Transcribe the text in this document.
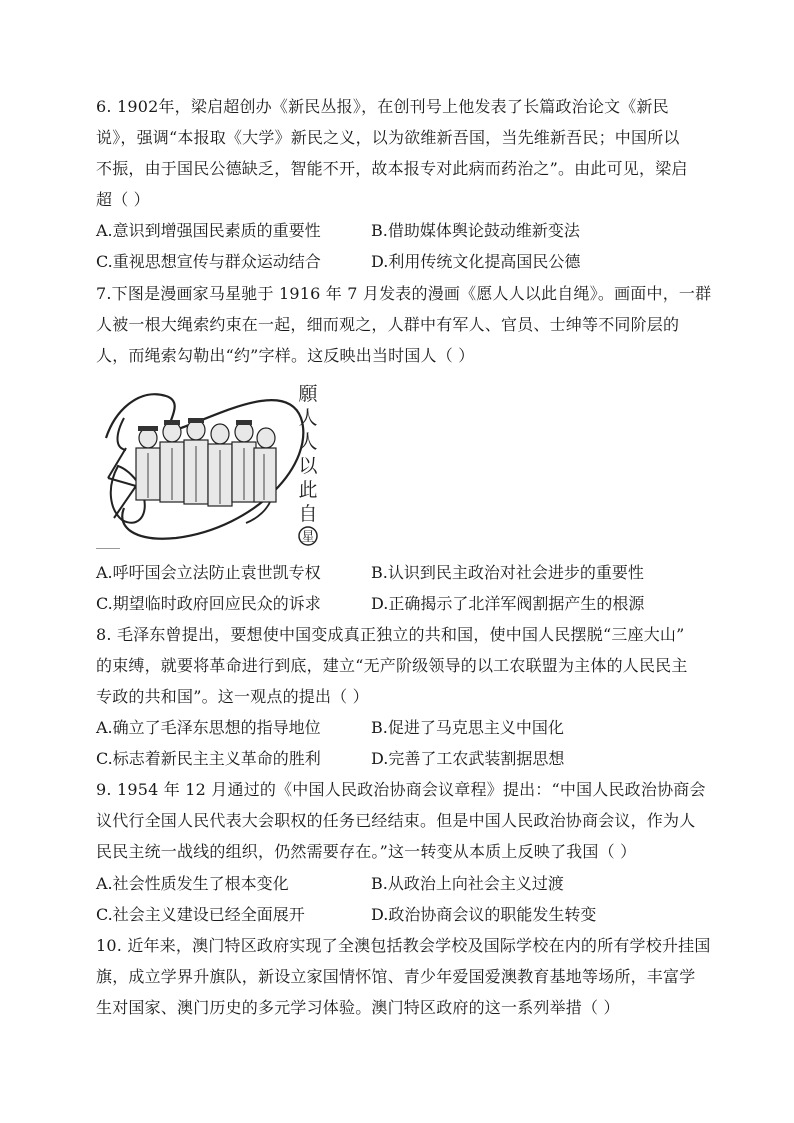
6. 1902年，梁启超创办《新民丛报》，在创刊号上他发表了长篇政治论文《新民
说》，强调“本报取《大学》新民之义，以为欲维新吾国，当先维新吾民；中国所以
不振，由于国民公德缺乏，智能不开，故本报专对此病而药治之”。由此可见，梁启
超（ ）
A.意识到增强国民素质的重要性	B.借助媒体舆论鼓动维新变法
C.重视思想宣传与群众运动结合	D.利用传统文化提高国民公德
7.下图是漫画家马星驰于 1916 年 7 月发表的漫画《愿人人以此自绳》。画面中，一群
人被一根大绳索约束在一起，细而观之，人群中有军人、官员、士绅等不同阶层的
人，而绳索勾勒出“约”字样。这反映出当时国人（ ）
願
人
人
以
此
自
星
A.呼吁国会立法防止袁世凯专权	B.认识到民主政治对社会进步的重要性
C.期望临时政府回应民众的诉求	D.正确揭示了北洋军阀割据产生的根源
8. 毛泽东曾提出，要想使中国变成真正独立的共和国，使中国人民摆脱“三座大山”
的束缚，就要将革命进行到底，建立“无产阶级领导的以工农联盟为主体的人民民主
专政的共和国”。这一观点的提出（ ）
A.确立了毛泽东思想的指导地位	B.促进了马克思主义中国化
C.标志着新民主主义革命的胜利	D.完善了工农武装割据思想
9. 1954 年 12 月通过的《中国人民政治协商会议章程》提出：“中国人民政治协商会
议代行全国人民代表大会职权的任务已经结束。但是中国人民政治协商会议，作为人
民民主统一战线的组织，仍然需要存在。”这一转变从本质上反映了我国（ ）
A.社会性质发生了根本变化	B.从政治上向社会主义过渡
C.社会主义建设已经全面展开	D.政治协商会议的职能发生转变
10. 近年来，澳门特区政府实现了全澳包括教会学校及国际学校在内的所有学校升挂国
旗，成立学界升旗队，新设立家国情怀馆、青少年爱国爱澳教育基地等场所，丰富学
生对国家、澳门历史的多元学习体验。澳门特区政府的这一系列举措（ ）
